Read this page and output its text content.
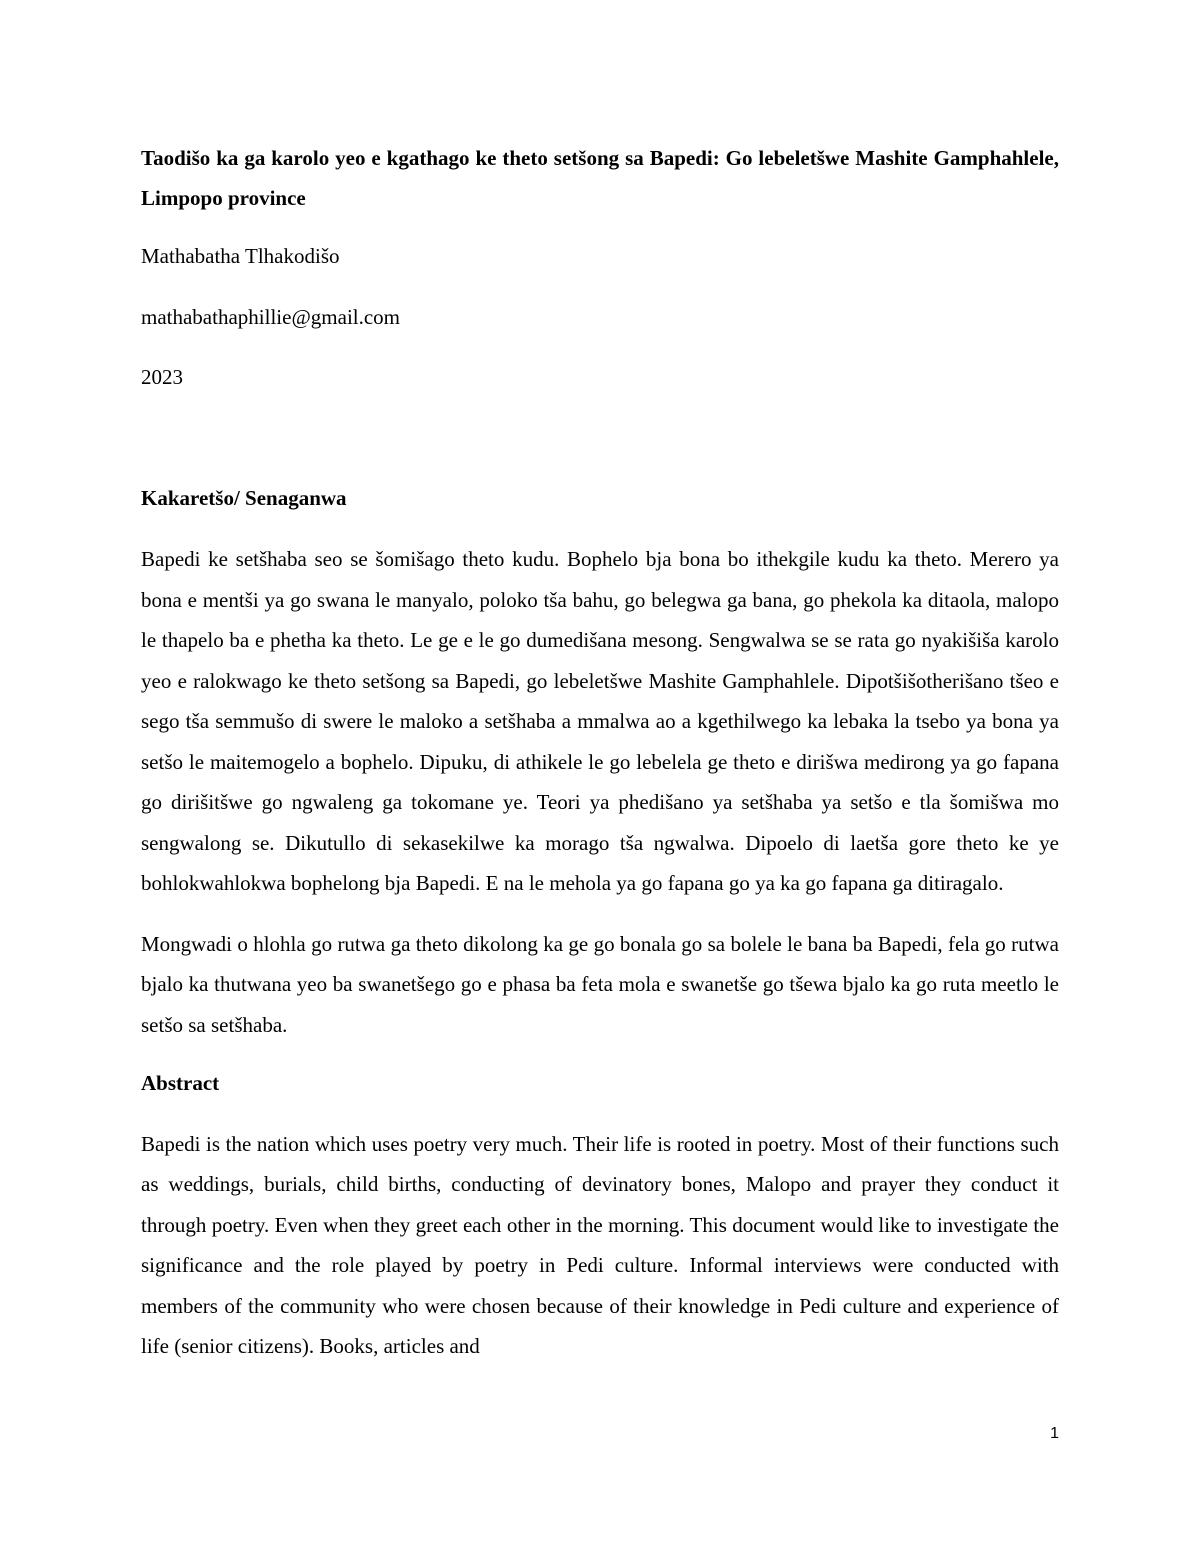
Taodišo ka ga karolo yeo e kgathago ke theto setšong sa Bapedi: Go lebeletšwe Mashite Gamphahlele, Limpopo province

Mathabatha Tlhakodišo

mathabathaphillie@gmail.com

2023

Kakaretšo/ Senaganwa

Bapedi ke setšhaba seo se šomišago theto kudu. Bophelo bja bona bo ithekgile kudu ka theto. Merero ya bona e mentši ya go swana le manyalo, poloko tša bahu, go belegwa ga bana, go phekola ka ditaola, malopo le thapelo ba e phetha ka theto. Le ge e le go dumedišana mesong. Sengwalwa se se rata go nyakišiša karolo yeo e ralokwago ke theto setšong sa Bapedi, go lebeletšwe Mashite Gamphahlele. Dipotšišotherišano tšeo e sego tša semmušo di swere le maloko a setšhaba a mmalwa ao a kgethilwego ka lebaka la tsebo ya bona ya setšo le maitemogelo a bophelo. Dipuku, di athikele le go lebelela ge theto e dirišwa medirong ya go fapana go dirišitšwe go ngwaleng ga tokomane ye. Teori ya phedišano ya setšhaba ya setšo e tla šomišwa mo sengwalong se. Dikutullo di sekasekilwe ka morago tša ngwalwa. Dipoelo di laetša gore theto ke ye bohlokwahlokwa bophelong bja Bapedi. E na le mehola ya go fapana go ya ka go fapana ga ditiragalo.

Mongwadi o hlohla go rutwa ga theto dikolong ka ge go bonala go sa bolele le bana ba Bapedi, fela go rutwa bjalo ka thutwana yeo ba swanetšego go e phasa ba feta mola e swanetše go tšewa bjalo ka go ruta meetlo le setšo sa setšhaba.

Abstract

Bapedi is the nation which uses poetry very much. Their life is rooted in poetry. Most of their functions such as weddings, burials, child births, conducting of devinatory bones, Malopo and prayer they conduct it through poetry. Even when they greet each other in the morning. This document would like to investigate the significance and the role played by poetry in Pedi culture. Informal interviews were conducted with members of the community who were chosen because of their knowledge in Pedi culture and experience of life (senior citizens). Books, articles and

1
